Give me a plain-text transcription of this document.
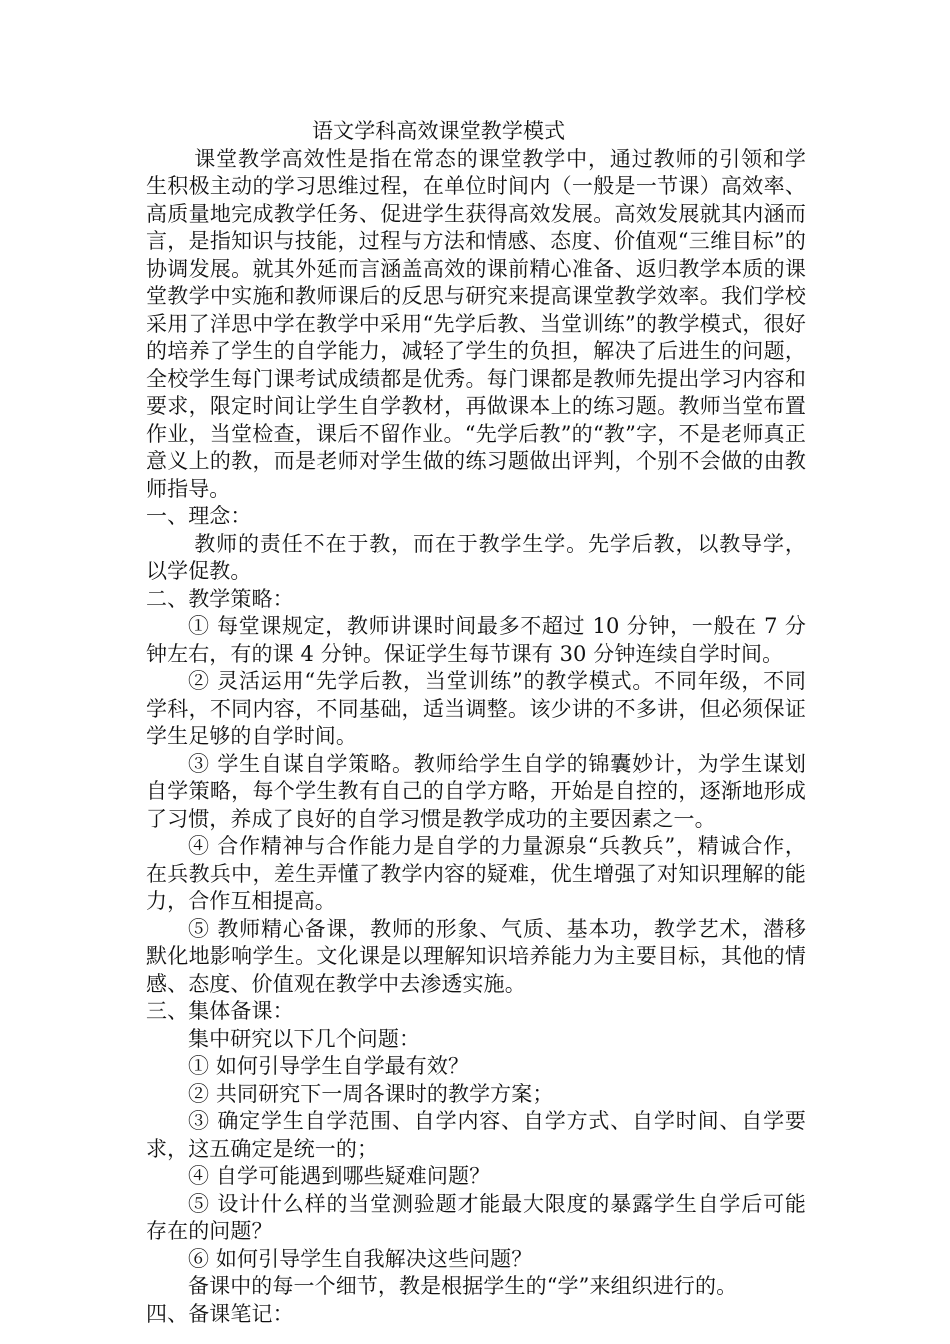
语文学科高效课堂教学模式

课堂教学高效性是指在常态的课堂教学中，通过教师的引领和学生积极主动的学习思维过程，在单位时间内（一般是一节课）高效率、高质量地完成教学任务、促进学生获得高效发展。高效发展就其内涵而言，是指知识与技能，过程与方法和情感、态度、价值观“三维目标”的协调发展。就其外延而言涵盖高效的课前精心准备、返归教学本质的课堂教学中实施和教师课后的反思与研究来提高课堂教学效率。我们学校采用了洋思中学在教学中采用“先学后教、当堂训练”的教学模式，很好的培养了学生的自学能力，减轻了学生的负担，解决了后进生的问题，全校学生每门课考试成绩都是优秀。每门课都是教师先提出学习内容和要求，限定时间让学生自学教材，再做课本上的练习题。教师当堂布置作业，当堂检查，课后不留作业。“先学后教”的“教”字，不是老师真正意义上的教，而是老师对学生做的练习题做出评判，个别不会做的由教师指导。

一、理念：

教师的责任不在于教，而在于教学生学。先学后教，以教导学，以学促教。

二、教学策略：

① 每堂课规定，教师讲课时间最多不超过 10 分钟，一般在 7 分钟左右，有的课 4 分钟。保证学生每节课有 30 分钟连续自学时间。

② 灵活运用“先学后教，当堂训练”的教学模式。不同年级，不同学科，不同内容，不同基础，适当调整。该少讲的不多讲，但必须保证学生足够的自学时间。

③ 学生自谋自学策略。教师给学生自学的锦囊妙计，为学生谋划自学策略，每个学生教有自己的自学方略，开始是自控的，逐渐地形成了习惯，养成了良好的自学习惯是教学成功的主要因素之一。

④ 合作精神与合作能力是自学的力量源泉“兵教兵”，精诚合作，在兵教兵中，差生弄懂了教学内容的疑难，优生增强了对知识理解的能力，合作互相提高。

⑤ 教师精心备课，教师的形象、气质、基本功，教学艺术，潜移默化地影响学生。文化课是以理解知识培养能力为主要目标，其他的情感、态度、价值观在教学中去渗透实施。

三、集体备课：

集中研究以下几个问题：

① 如何引导学生自学最有效？

② 共同研究下一周各课时的教学方案；

③ 确定学生自学范围、自学内容、自学方式、自学时间、自学要求，这五确定是统一的；

④ 自学可能遇到哪些疑难问题？

⑤ 设计什么样的当堂测验题才能最大限度的暴露学生自学后可能存在的问题？

⑥ 如何引导学生自我解决这些问题？

备课中的每一个细节，教是根据学生的“学”来组织进行的。

四、备课笔记：
